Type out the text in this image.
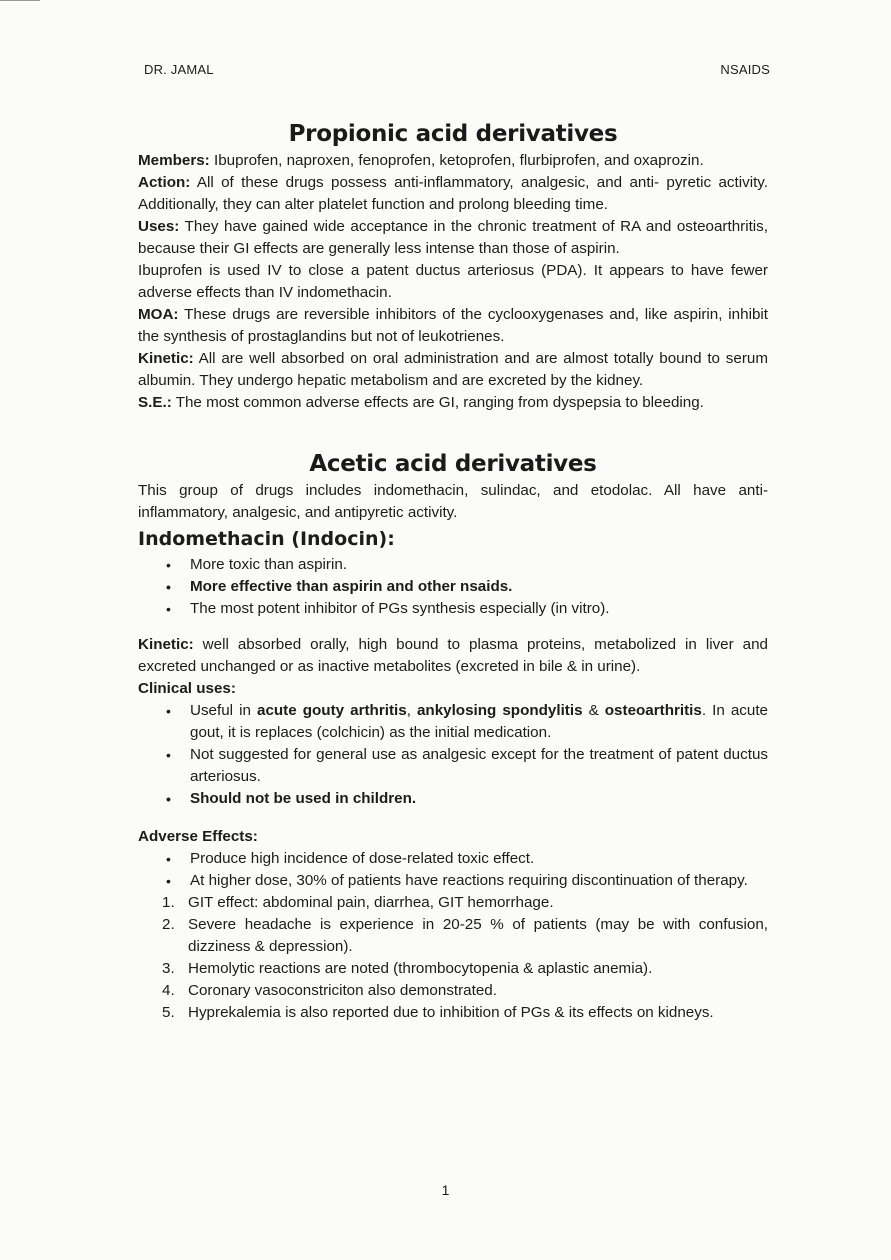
DR. JAMAL	NSAIDS
Propionic acid derivatives

Members: Ibuprofen, naproxen, fenoprofen, ketoprofen, flurbiprofen, and oxaprozin.

Action: All of these drugs possess anti-inflammatory, analgesic, and anti- pyretic activity. Additionally, they can alter platelet function and prolong bleeding time.

Uses: They have gained wide acceptance in the chronic treatment of RA and osteoarthritis, because their GI effects are generally less intense than those of aspirin.

Ibuprofen is used IV to close a patent ductus arteriosus (PDA). It appears to have fewer adverse effects than IV indomethacin.

MOA: These drugs are reversible inhibitors of the cyclooxygenases and, like aspirin, inhibit the synthesis of prostaglandins but not of leukotrienes.

Kinetic: All are well absorbed on oral administration and are almost totally bound to serum albumin. They undergo hepatic metabolism and are excreted by the kidney.

S.E.: The most common adverse effects are GI, ranging from dyspepsia to bleeding.

Acetic acid derivatives

This group of drugs includes indomethacin, sulindac, and etodolac. All have anti-inflammatory, analgesic, and antipyretic activity.

Indomethacin (Indocin):
• More toxic than aspirin.
• More effective than aspirin and other nsaids.
• The most potent inhibitor of PGs synthesis especially (in vitro).

Kinetic: well absorbed orally, high bound to plasma proteins, metabolized in liver and excreted unchanged or as inactive metabolites (excreted in bile & in urine).

Clinical uses:

• Useful in acute gouty arthritis, ankylosing spondylitis & osteoarthritis. In acute gout, it is replaces (colchicin) as the initial medication.
• Not suggested for general use as analgesic except for the treatment of patent ductus arteriosus.
• Should not be used in children.

Adverse Effects:

• Produce high incidence of dose-related toxic effect.
• At higher dose, 30% of patients have reactions requiring discontinuation of therapy.
1. GIT effect: abdominal pain, diarrhea, GIT hemorrhage.
2. Severe headache is experience in 20-25 % of patients (may be with confusion, dizziness & depression).
3. Hemolytic reactions are noted (thrombocytopenia & aplastic anemia).
4. Coronary vasoconstriciton also demonstrated.
5. Hyprekalemia is also reported due to inhibition of PGs & its effects on kidneys.
1
